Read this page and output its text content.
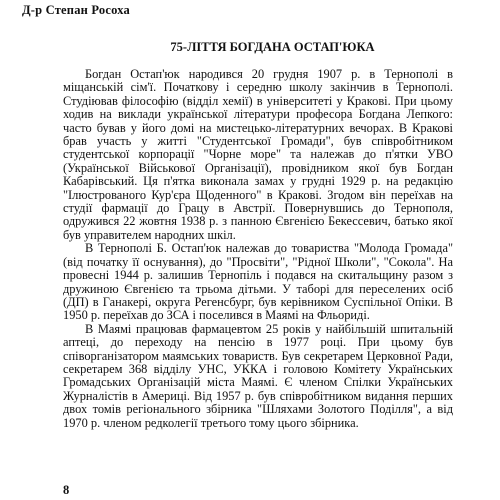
Д-р Степан Росоха
75-ЛІТТЯ БОГДАНА ОСТАП'ЮКА

Богдан Остап'юк народився 20 грудня 1907 р. в Тернополі в міщанській сім'ї. Початкову і середню школу закінчив в Тернополі. Студіював філософію (відділ хемії) в університеті у Кракові. При цьому ходив на виклади української літератури професора Богдана Лепкого: часто бував у його домі на мистецько-літературних вечорах. В Кракові брав участь у житті "Студентської Громади", був співробітником студентської корпорації "Чорне море" та належав до п'ятки УВО (Української Військової Організації), провідником якої був Богдан Кабарівський. Ця п'ятка виконала замах у грудні 1929 р. на редакцію "Ілюстрованого Кур'єра Щоденного" в Кракові. Згодом він переїхав на студії фармації до Грацу в Австрії. Повернувшись до Тернополя, одружився 22 жовтня 1938 р. з панною Євгенією Бекессевич, батько якої був управителем народних шкіл.

В Тернополі Б. Остап'юк належав до товариства "Молода Громада" (від початку її оснування), до "Просвіти", "Рідної Школи", "Сокола". На провесні 1944 р. залишив Тернопіль і подався на скитальщину разом з дружиною Євгенією та трьома дітьми. У таборі для переселених осіб (ДП) в Ганакері, округа Регенсбург, був керівником Суспільної Опіки. В 1950 р. переїхав до ЗСА і поселився в Маямі на Фльориді.

В Маямі працював фармацевтом 25 років у найбільшій шпитальній аптеці, до переходу на пенсію в 1977 році. При цьому був співорганізатором маямських товариств. Був секретарем Церковної Ради, секретарем 368 відділу УНС, УККА і головою Комітету Українських Громадських Організацій міста Маямі. Є членом Спілки Українських Журналістів в Америці. Від 1957 р. був співробітником видання перших двох томів регіонального збірника "Шляхами Золотого Поділля", а від 1970 р. членом редколегії третього тому цього збірника.

8
